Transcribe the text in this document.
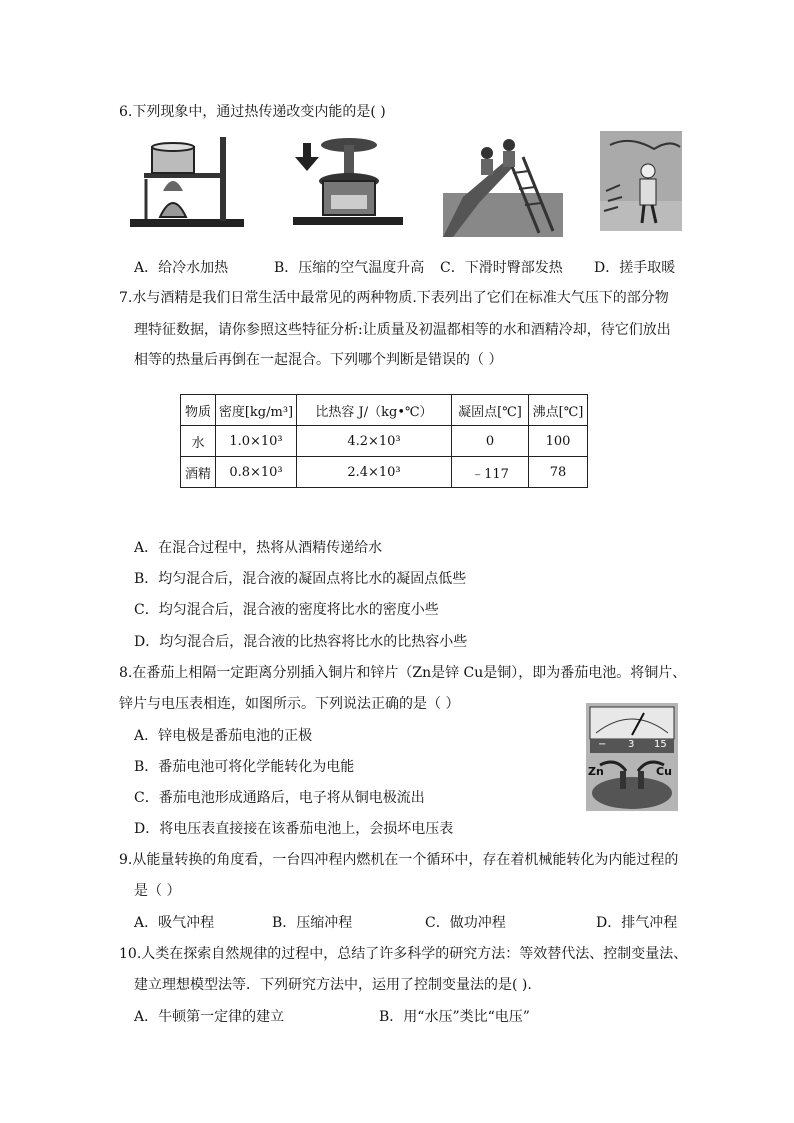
6.下列现象中，通过热传递改变内能的是( )
A．给冷水加热	B．压缩的空气温度升高 C．下滑时臀部发热 D．搓手取暖
7.水与酒精是我们日常生活中最常见的两种物质.下表列出了它们在标准大气压下的部分物
理特征数据，请你参照这些特征分析:让质量及初温都相等的水和酒精冷却，待它们放出
相等的热量后再倒在一起混合。下列哪个判断是错误的（ ）
物质	密度[kg/m³]	比热容 J/（kg•℃）	凝固点[℃]	沸点[℃]
水	1.0×10³	4.2×10³	0	100
酒精	0.8×10³	2.4×10³	﹣117	78
A．在混合过程中，热将从酒精传递给水
B．均匀混合后，混合液的凝固点将比水的凝固点低些
C．均匀混合后，混合液的密度将比水的密度小些
D．均匀混合后，混合液的比热容将比水的比热容小些
8.在番茄上相隔一定距离分别插入铜片和锌片（Zn是锌 Cu是铜），即为番茄电池。将铜片、
锌片与电压表相连，如图所示。下列说法正确的是（ ）
− 3 15
Zn	Cu
A．锌电极是番茄电池的正极
B．番茄电池可将化学能转化为电能
C．番茄电池形成通路后，电子将从铜电极流出
D．将电压表直接接在该番茄电池上，会损坏电压表
9.从能量转换的角度看，一台四冲程内燃机在一个循环中，存在着机械能转化为内能过程的
是（ ）
A．吸气冲程	B．压缩冲程	C．做功冲程	D．排气冲程
10.人类在探索自然规律的过程中，总结了许多科学的研究方法：等效替代法、控制变量法、
建立理想模型法等．下列研究方法中，运用了控制变量法的是( ).
A．牛顿第一定律的建立	B．用“水压”类比“电压”
